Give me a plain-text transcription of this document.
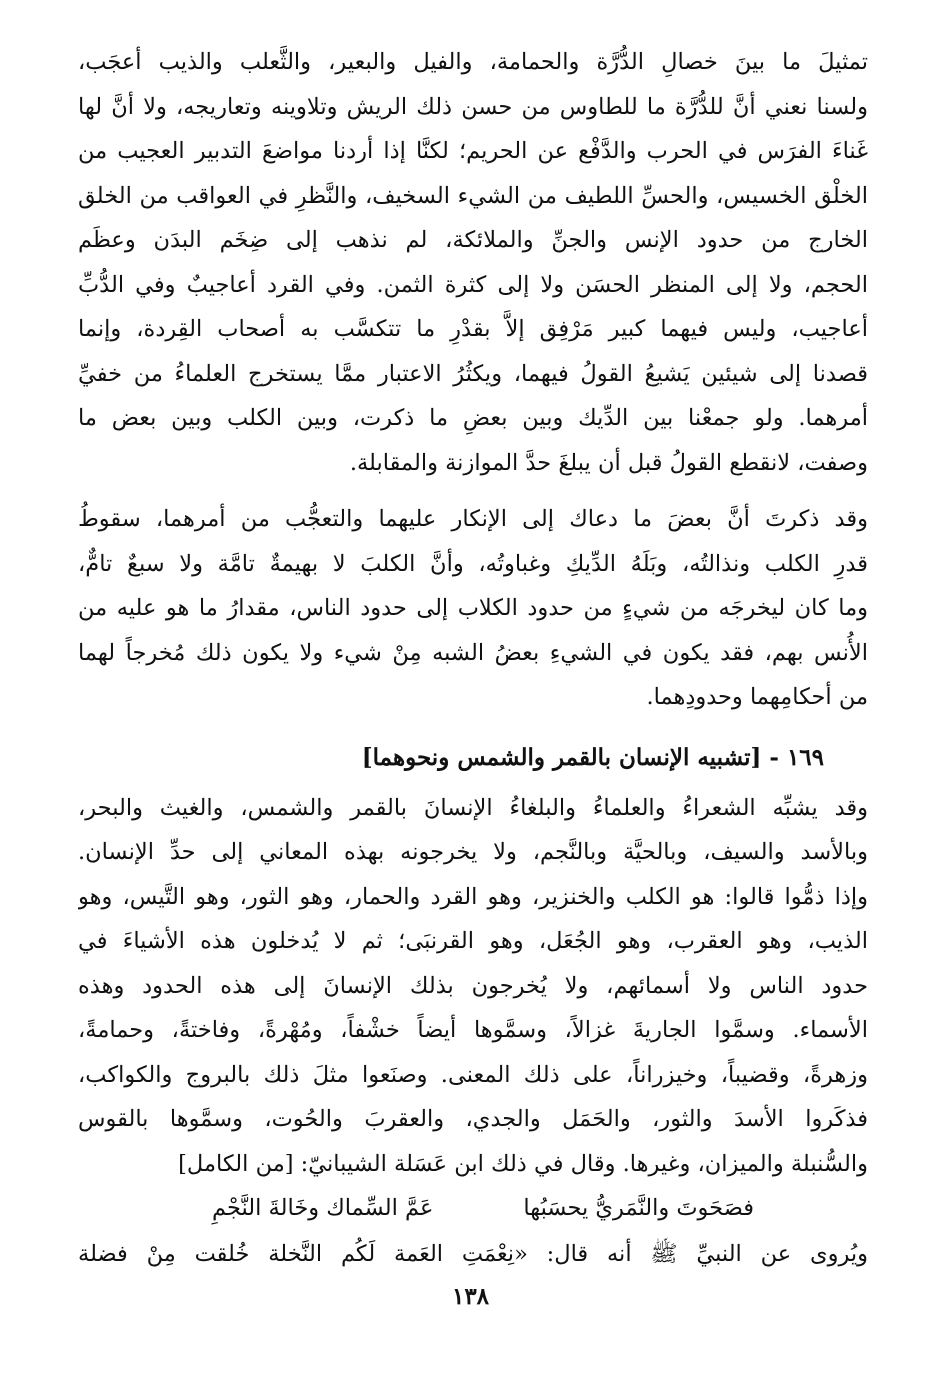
تمثيلَ ما بينَ خصالِ الدُّرَّة والحمامة، والفيل والبعير، والثَّعلب والذيب أعجَب،
ولسنا نعني أنَّ للدُّرَّة ما للطاوس من حسن ذلك الريش وتلاوينه وتعاريجه، ولا أنَّ لها
غَناءَ الفرَس في الحرب والدَّفْع عن الحريم؛ لكنَّا إذا أردنا مواضعَ التدبير العجيب من
الخلْق الخسيس، والحسِّ اللطيف من الشيء السخيف، والنَّظرِ في العواقب من الخلق
الخارج من حدود الإنس والجنِّ والملائكة، لم نذهب إلى ضِخَم البدَن وعظَم
الحجم، ولا إلى المنظر الحسَن ولا إلى كثرة الثمن. وفي القرد أعاجيبٌ وفي الدُّبِّ
أعاجيب، وليس فيهما كبير مَرْفِق إلاَّ بقدْرِ ما تتكسَّب به أصحاب القِردة، وإنما
قصدنا إلى شيئين يَشيعُ القولُ فيهما، ويكثُرُ الاعتبار ممَّا يستخرج العلماءُ من خفيِّ
أمرهما. ولو جمعْنا بين الدِّيك وبين بعضِ ما ذكرت، وبين الكلب وبين بعض ما
وصفت، لانقطع القولُ قبل أن يبلغَ حدَّ الموازنة والمقابلة.
وقد ذكرتَ أنَّ بعضَ ما دعاك إلى الإنكار عليهما والتعجُّب من أمرهما، سقوطُ
قدرِ الكلب ونذالتُه، وبَلَهُ الدِّيكِ وغباوتُه، وأنَّ الكلبَ لا بهيمةٌ تامَّة ولا سبعٌ تامٌّ،
وما كان ليخرجَه من شيءٍ من حدود الكلاب إلى حدود الناس، مقدارُ ما هو عليه من
الأُنس بهم، فقد يكون في الشيءِ بعضُ الشبه مِنْ شيء ولا يكون ذلك مُخرجاً لهما
من أحكامِهما وحدودِهما.
١٦٩ - [تشبيه الإنسان بالقمر والشمس ونحوهما]
وقد يشبِّه الشعراءُ والعلماءُ والبلغاءُ الإنسانَ بالقمر والشمس، والغيث والبحر،
وبالأسد والسيف، وبالحيَّة وبالنَّجم، ولا يخرجونه بهذه المعاني إلى حدِّ الإنسان.
وإذا ذمُّوا قالوا: هو الكلب والخنزير، وهو القرد والحمار، وهو الثور، وهو التَّيس، وهو
الذيب، وهو العقرب، وهو الجُعَل، وهو القرنبَى؛ ثم لا يُدخلون هذه الأشياءَ في
حدود الناس ولا أسمائهم، ولا يُخرجون بذلك الإنسانَ إلى هذه الحدود وهذه
الأسماء. وسمَّوا الجاريةَ غزالاً، وسمَّوها أيضاً خشْفاً، ومُهْرةً، وفاختةً، وحمامةً،
وزهرةً، وقضيباً، وخيزراناً، على ذلك المعنى. وصنَعوا مثلَ ذلك بالبروج والكواكب،
فذكَروا الأسدَ والثور، والحَمَل والجدي، والعقربَ والحُوت، وسمَّوها بالقوس
والسُّنبلة والميزان، وغيرها. وقال في ذلك ابن عَسَلة الشيبانيّ: [من الكامل]
فصَحَوتَ والنَّمَريُّ يحسَبُها
عَمَّ السِّماك وخَالةَ النَّجْمِ
ويُروى عن النبيِّ ﷺ أنه قال: «نِعْمَتِ العَمة لَكُم النَّخلة خُلقت مِنْ فضلة
١٣٨
